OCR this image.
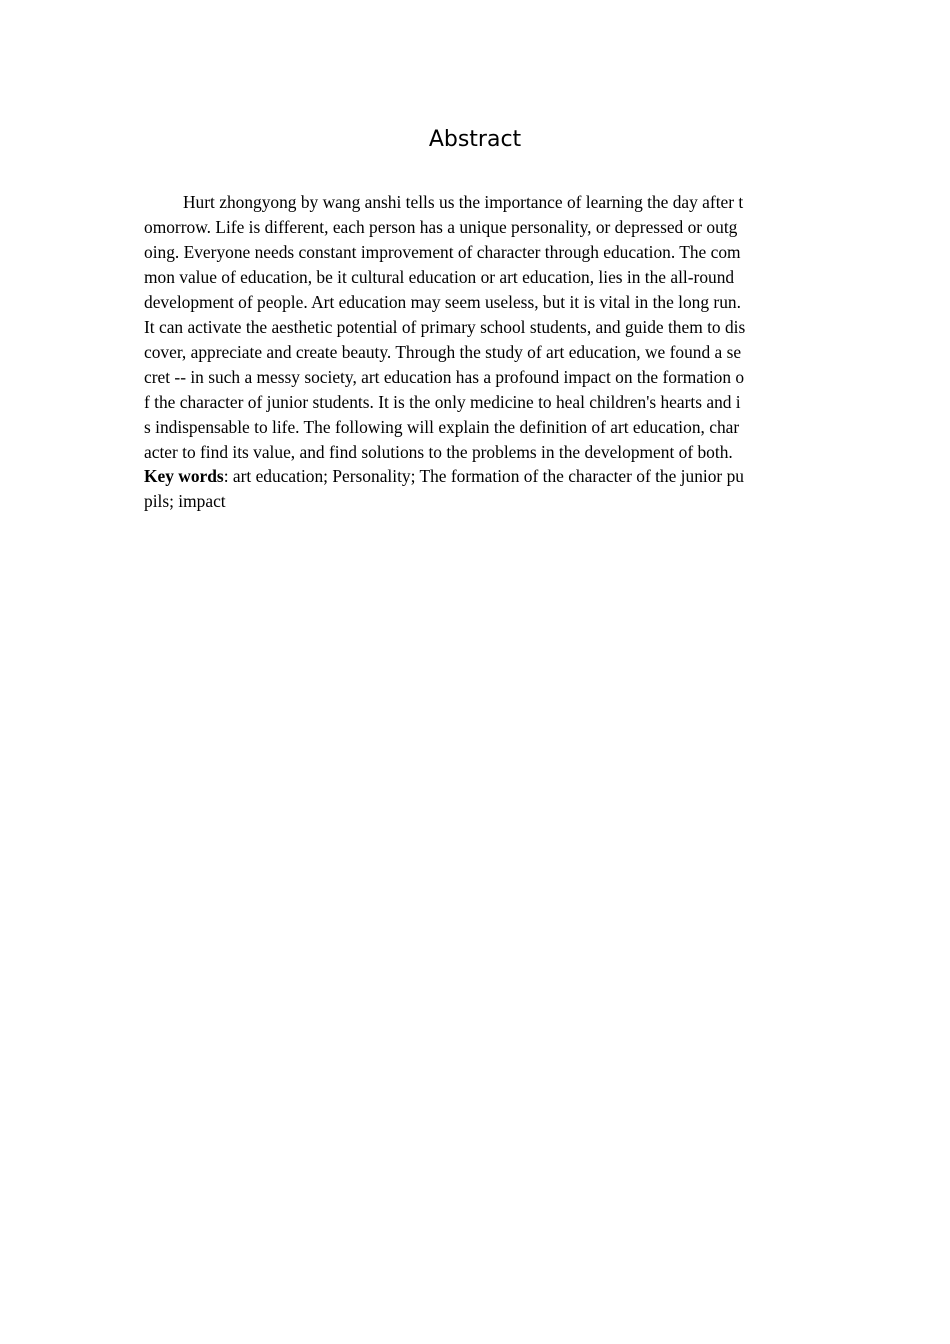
Abstract
Hurt zhongyong by wang anshi tells us the importance of learning the day after t
omorrow. Life is different, each person has a unique personality, or depressed or outg
oing. Everyone needs constant improvement of character through education. The com
mon value of education, be it cultural education or art education, lies in the all-round
development of people. Art education may seem useless, but it is vital in the long run.
It can activate the aesthetic potential of primary school students, and guide them to dis
cover, appreciate and create beauty. Through the study of art education, we found a se
cret -- in such a messy society, art education has a profound impact on the formation o
f the character of junior students. It is the only medicine to heal children's hearts and i
s indispensable to life. The following will explain the definition of art education, char
acter to find its value, and find solutions to the problems in the development of both.
Key words: art education; Personality; The formation of the character of the junior pu
pils; impact
